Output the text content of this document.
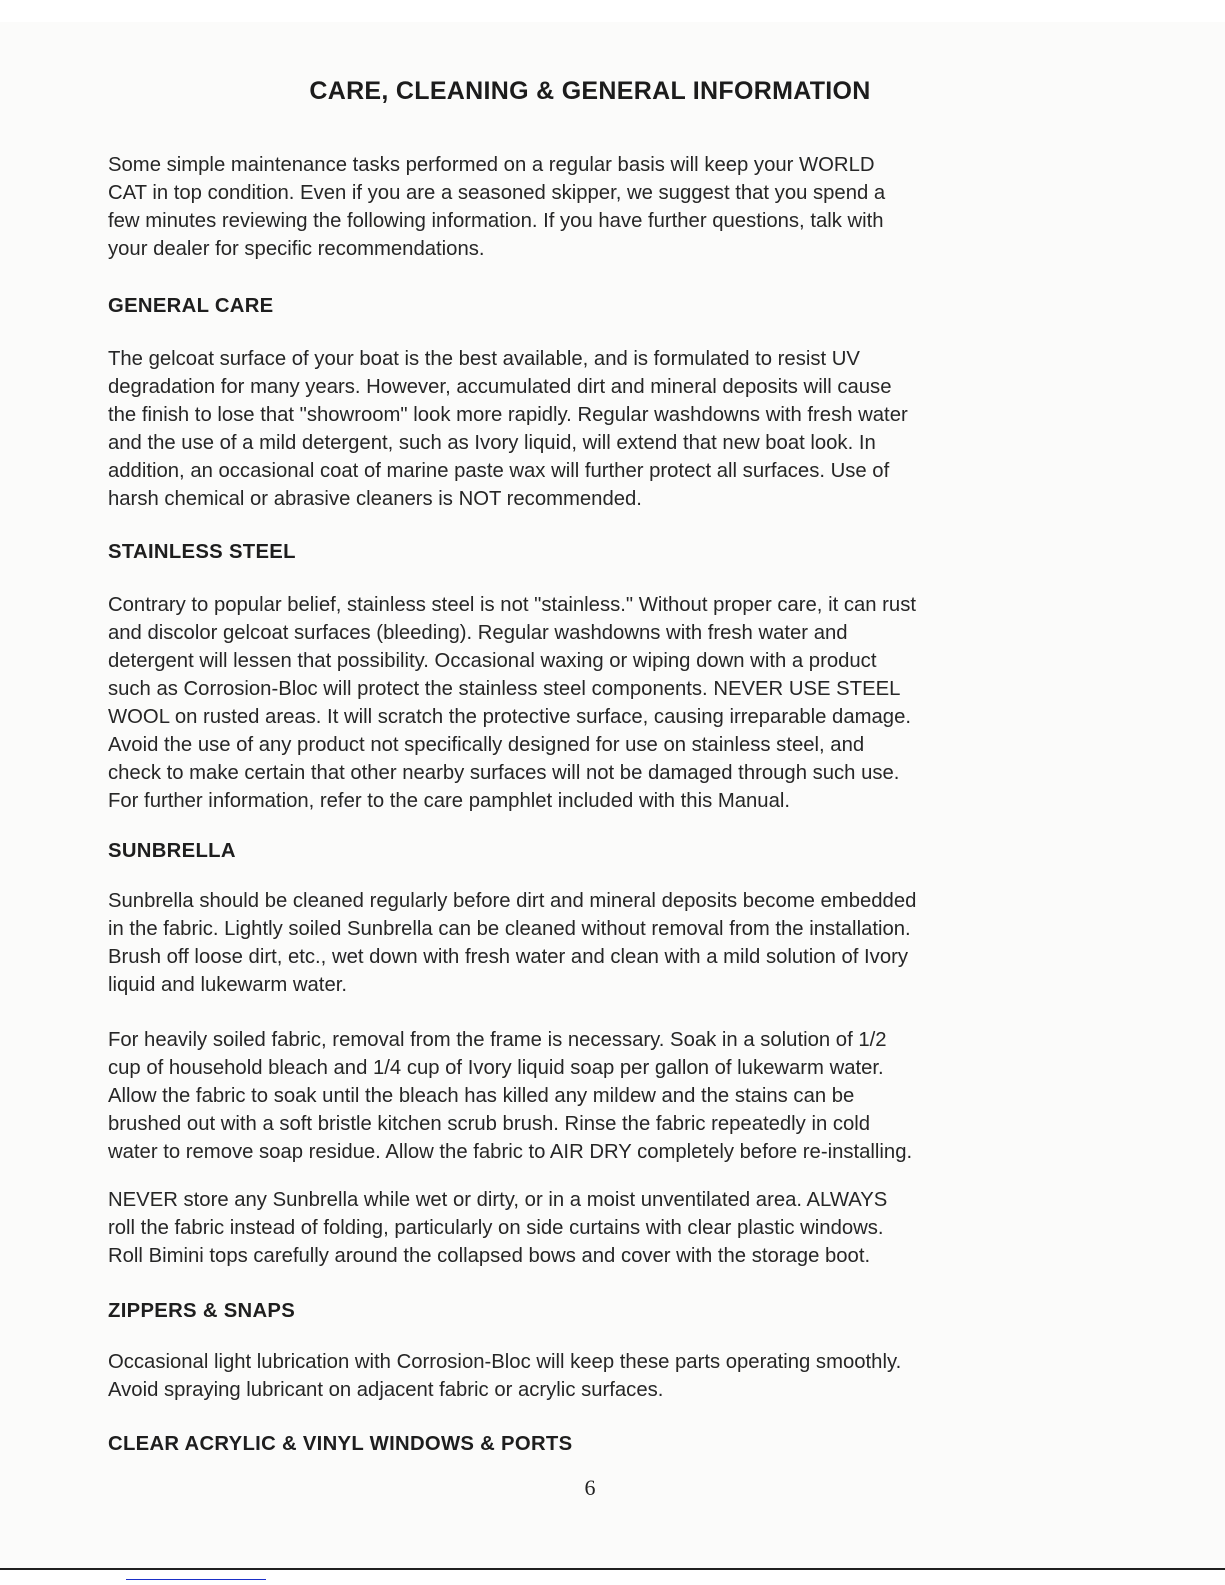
CARE, CLEANING & GENERAL INFORMATION

Some simple maintenance tasks performed on a regular basis will keep your WORLD
CAT in top condition. Even if you are a seasoned skipper, we suggest that you spend a
few minutes reviewing the following information. If you have further questions, talk with
your dealer for specific recommendations.

GENERAL CARE

The gelcoat surface of your boat is the best available, and is formulated to resist UV
degradation for many years. However, accumulated dirt and mineral deposits will cause
the finish to lose that "showroom" look more rapidly. Regular washdowns with fresh water
and the use of a mild detergent, such as Ivory liquid, will extend that new boat look. In
addition, an occasional coat of marine paste wax will further protect all surfaces. Use of
harsh chemical or abrasive cleaners is NOT recommended.

STAINLESS STEEL

Contrary to popular belief, stainless steel is not "stainless." Without proper care, it can rust
and discolor gelcoat surfaces (bleeding). Regular washdowns with fresh water and
detergent will lessen that possibility. Occasional waxing or wiping down with a product
such as Corrosion-Bloc will protect the stainless steel components. NEVER USE STEEL
WOOL on rusted areas. It will scratch the protective surface, causing irreparable damage.
Avoid the use of any product not specifically designed for use on stainless steel, and
check to make certain that other nearby surfaces will not be damaged through such use.
For further information, refer to the care pamphlet included with this Manual.

SUNBRELLA

Sunbrella should be cleaned regularly before dirt and mineral deposits become embedded
in the fabric. Lightly soiled Sunbrella can be cleaned without removal from the installation.
Brush off loose dirt, etc., wet down with fresh water and clean with a mild solution of Ivory
liquid and lukewarm water.

For heavily soiled fabric, removal from the frame is necessary. Soak in a solution of 1/2
cup of household bleach and 1/4 cup of Ivory liquid soap per gallon of lukewarm water.
Allow the fabric to soak until the bleach has killed any mildew and the stains can be
brushed out with a soft bristle kitchen scrub brush. Rinse the fabric repeatedly in cold
water to remove soap residue. Allow the fabric to AIR DRY completely before re-installing.

NEVER store any Sunbrella while wet or dirty, or in a moist unventilated area. ALWAYS
roll the fabric instead of folding, particularly on side curtains with clear plastic windows.
Roll Bimini tops carefully around the collapsed bows and cover with the storage boot.

ZIPPERS & SNAPS

Occasional light lubrication with Corrosion-Bloc will keep these parts operating smoothly.
Avoid spraying lubricant on adjacent fabric or acrylic surfaces.

CLEAR ACRYLIC & VINYL WINDOWS & PORTS
6
